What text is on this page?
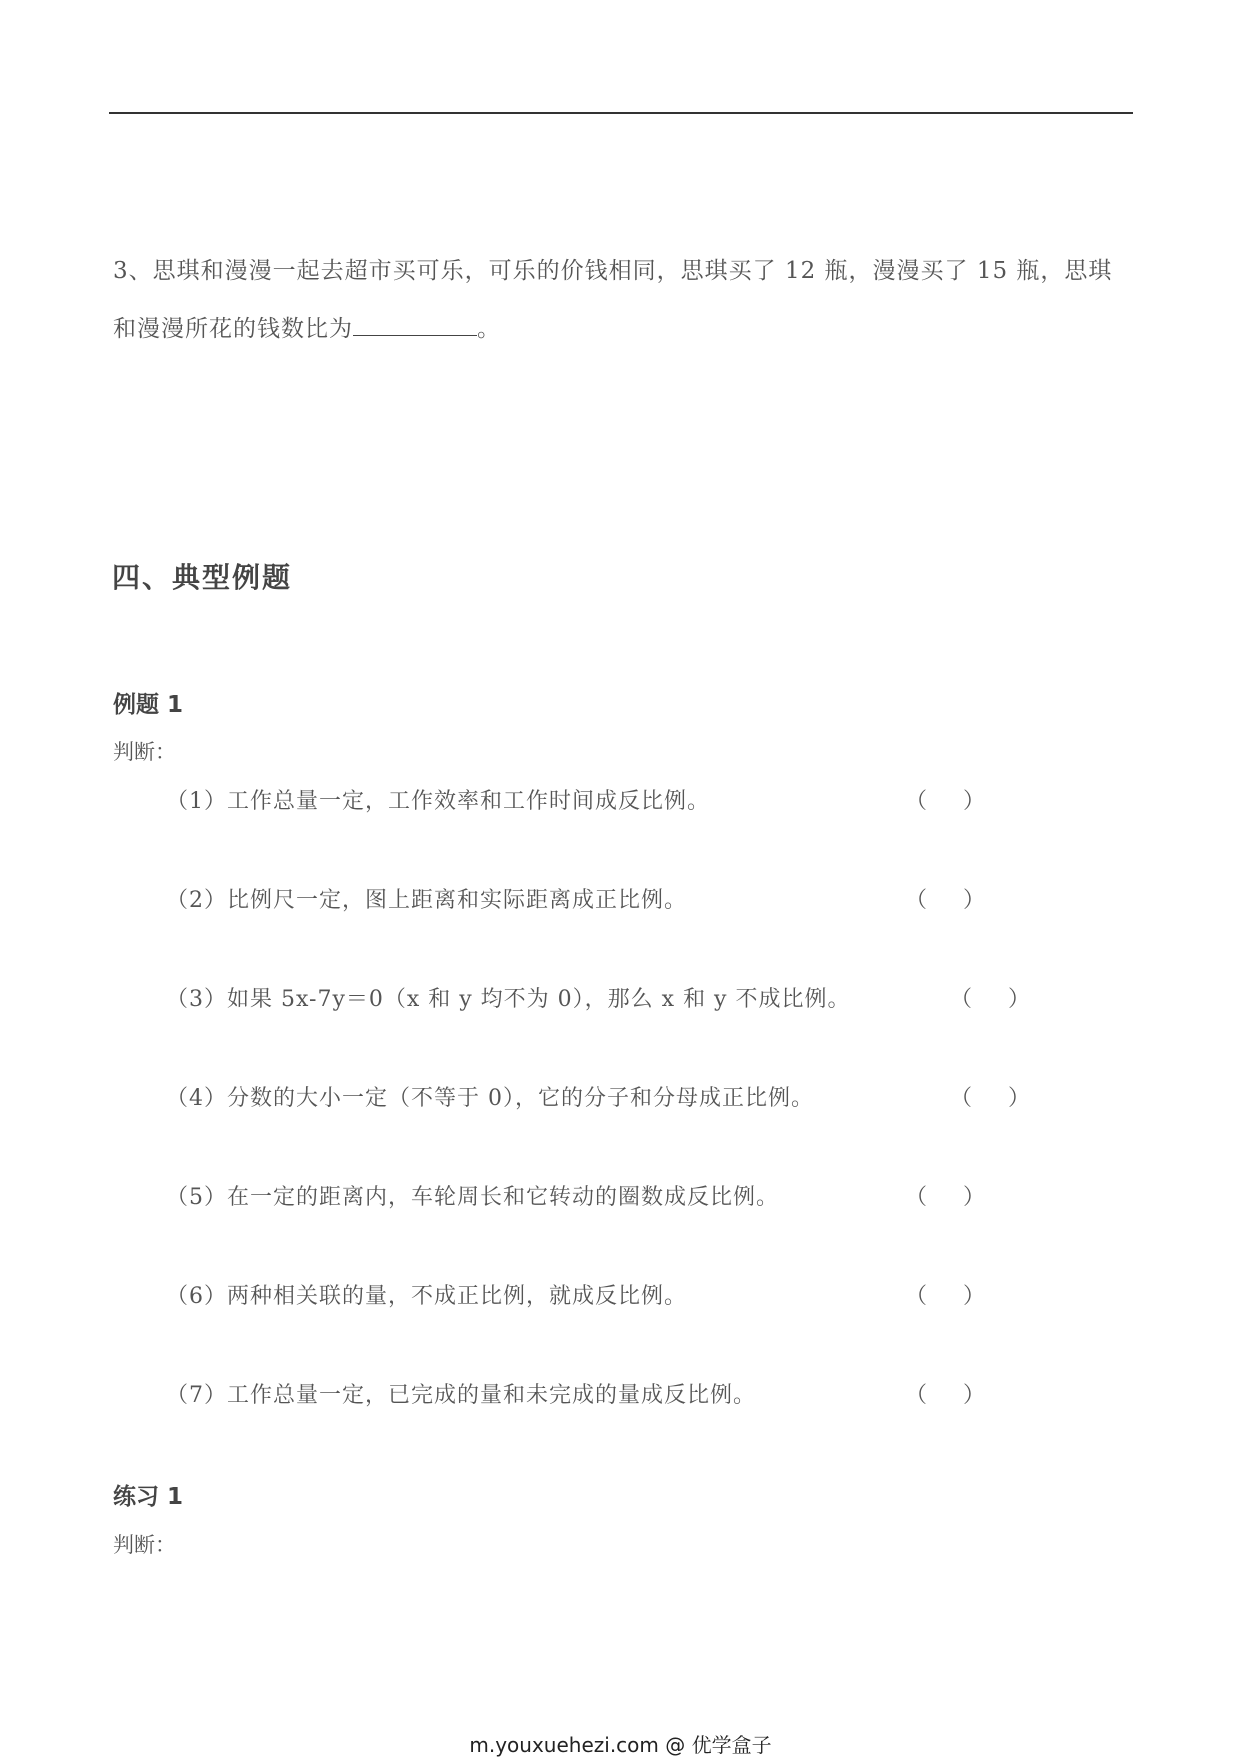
3、思琪和漫漫一起去超市买可乐，可乐的价钱相同，思琪买了 12 瓶，漫漫买了 15 瓶，思琪
和漫漫所花的钱数比为	。
四、典型例题
例题 1
判断：
（1）工作总量一定，工作效率和工作时间成反比例。	（ ）
（2）比例尺一定，图上距离和实际距离成正比例。	（ ）
（3）如果 5x-7y＝0（x 和 y 均不为 0），那么 x 和 y 不成比例。	（ ）
（4）分数的大小一定（不等于 0），它的分子和分母成正比例。	（ ）
（5）在一定的距离内，车轮周长和它转动的圈数成反比例。	（ ）
（6）两种相关联的量，不成正比例，就成反比例。	（ ）
（7）工作总量一定，已完成的量和未完成的量成反比例。	（ ）
练习 1
判断：
m.youxuehezi.com @ 优学盒子
